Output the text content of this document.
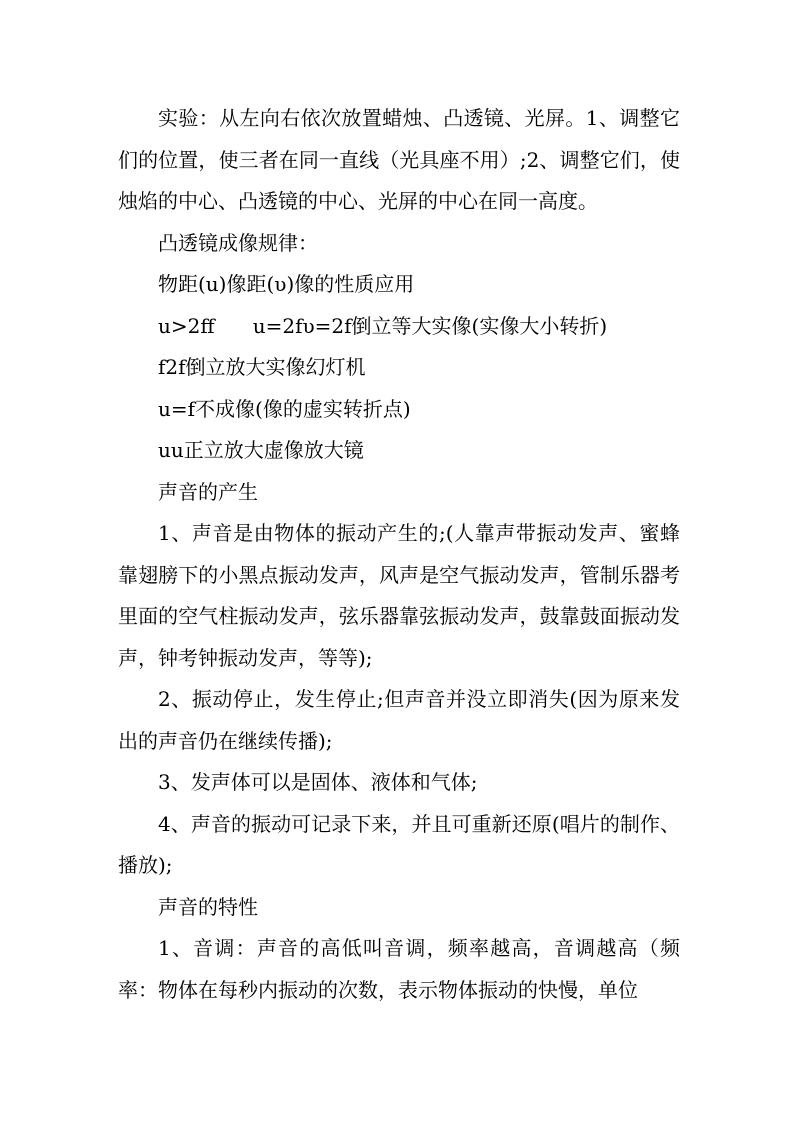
实验：从左向右依次放置蜡烛、凸透镜、光屏。1、调整它们的位置，使三者在同一直线（光具座不用）;2、调整它们，使烛焰的中心、凸透镜的中心、光屏的中心在同一高度。

凸透镜成像规律：

物距(u)像距(υ)像的性质应用

u>2ff      u=2fυ=2f倒立等大实像(实像大小转折)

f2f倒立放大实像幻灯机

u=f不成像(像的虚实转折点)

uu正立放大虚像放大镜

声音的产生

1、声音是由物体的振动产生的;(人靠声带振动发声、蜜蜂靠翅膀下的小黑点振动发声，风声是空气振动发声，管制乐器考里面的空气柱振动发声，弦乐器靠弦振动发声，鼓靠鼓面振动发声，钟考钟振动发声，等等);

2、振动停止，发生停止;但声音并没立即消失(因为原来发出的声音仍在继续传播);

3、发声体可以是固体、液体和气体;

4、声音的振动可记录下来，并且可重新还原(唱片的制作、播放);

声音的特性

1、音调：声音的高低叫音调，频率越高，音调越高（频率：物体在每秒内振动的次数，表示物体振动的快慢，单位
